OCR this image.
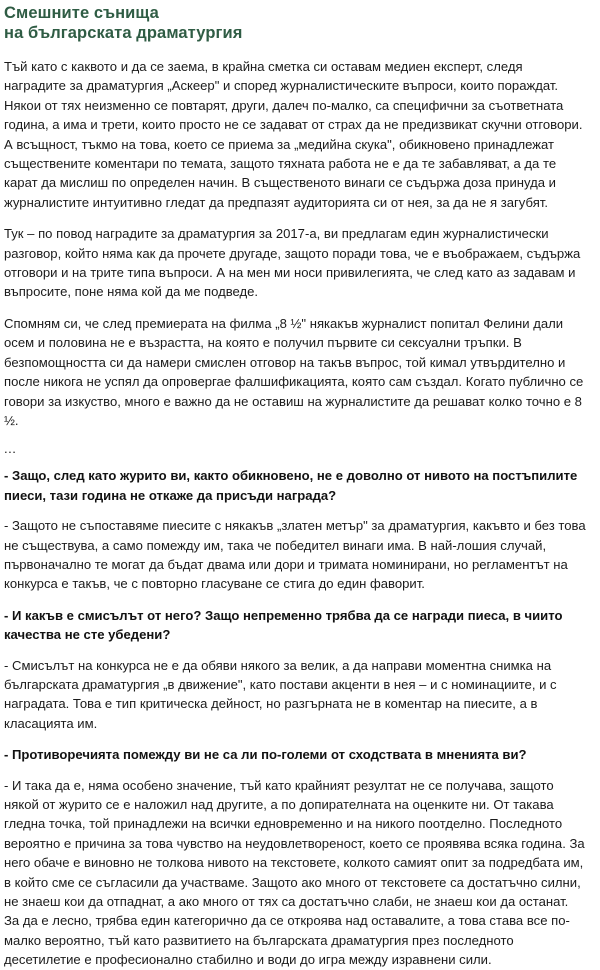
Смешните сънища
на българската драматургия

Тъй като с каквото и да се заема, в крайна сметка си оставам медиен експерт, следя наградите за драматургия „Аскеер" и според журналистическите въпроси, които пораждат. Някои от тях неизменно се повтарят, други, далеч по-малко, са специфични за съответната година, а има и трети, които просто не се задават от страх да не предизвикат скучни отговори. А всъщност, тъкмо на това, което се приема за „медийна скука", обикновено принадлежат съществените коментари по темата, защото тяхната работа не е да те забавляват, а да те карат да мислиш по определен начин. В същественото винаги се съдържа доза принуда и журналистите интуитивно гледат да предпазят аудиторията си от нея, за да не я загубят.

Тук – по повод наградите за драматургия за 2017-а, ви предлагам един журналистически разговор, който няма как да прочете другаде, защото поради това, че е въображаем, съдържа отговори и на трите типа въпроси. А на мен ми носи привилегията, че след като аз задавам и въпросите, поне няма кой да ме подведе.

Спомням си, че след премиерата на филма „8 ½" някакъв журналист попитал Фелини дали осем и половина не е възрастта, на която е получил първите си сексуални тръпки. В безпомощността си да намери смислен отговор на такъв въпрос, той кимал утвърдително и после никога не успял да опровергае фалшификацията, която сам създал. Когато публично се говори за изкуство, много е важно да не оставиш на журналистите да решават колко точно е 8 ½.

...

- Защо, след като журито ви, както обикновено, не е доволно от нивото на постъпилите пиеси, тази година не откаже да присъди награда?

- Защото не съпоставяме пиесите с някакъв „златен метър" за драматургия, какъвто и без това не съществува, а само помежду им, така че победител винаги има. В най-лошия случай, първоначално те могат да бъдат двама или дори и тримата номинирани, но регламентът на конкурса е такъв, че с повторно гласуване се стига до един фаворит.

- И какъв е смисълът от него? Защо непременно трябва да се награди пиеса, в чиито качества не сте убедени?

- Смисълът на конкурса не е да обяви някого за велик, а да направи моментна снимка на българската драматургия „в движение", като постави акценти в нея – и с номинациите, и с наградата. Това е тип критическа дейност, но разгърната не в коментар на пиесите, а в класацията им.

- Противоречията помежду ви не са ли по-големи от сходствата в мненията ви?

- И така да е, няма особено значение, тъй като крайният резултат не се получава, защото някой от журито се е наложил над другите, а по допирателната на оценките ни. От такава гледна точка, той принадлежи на всички едновременно и на никого поотделно. Последното вероятно е причина за това чувство на неудовлетвореност, което се проявява всяка година. За него обаче е виновно не толкова нивото на текстовете, колкото самият опит за подредбата им, в който сме се съгласили да участваме. Защото ако много от текстовете са достатъчно силни, не знаеш кои да отпаднат, а ако много от тях са достатъчно слаби, не знаеш кои да останат. За да е лесно, трябва един категорично да се откроява над оставалите, а това става все по-малко вероятно, тъй като развитието на българската драматургия през последното десетилетие е професионално стабилно и води до игра между изравнени сили.
